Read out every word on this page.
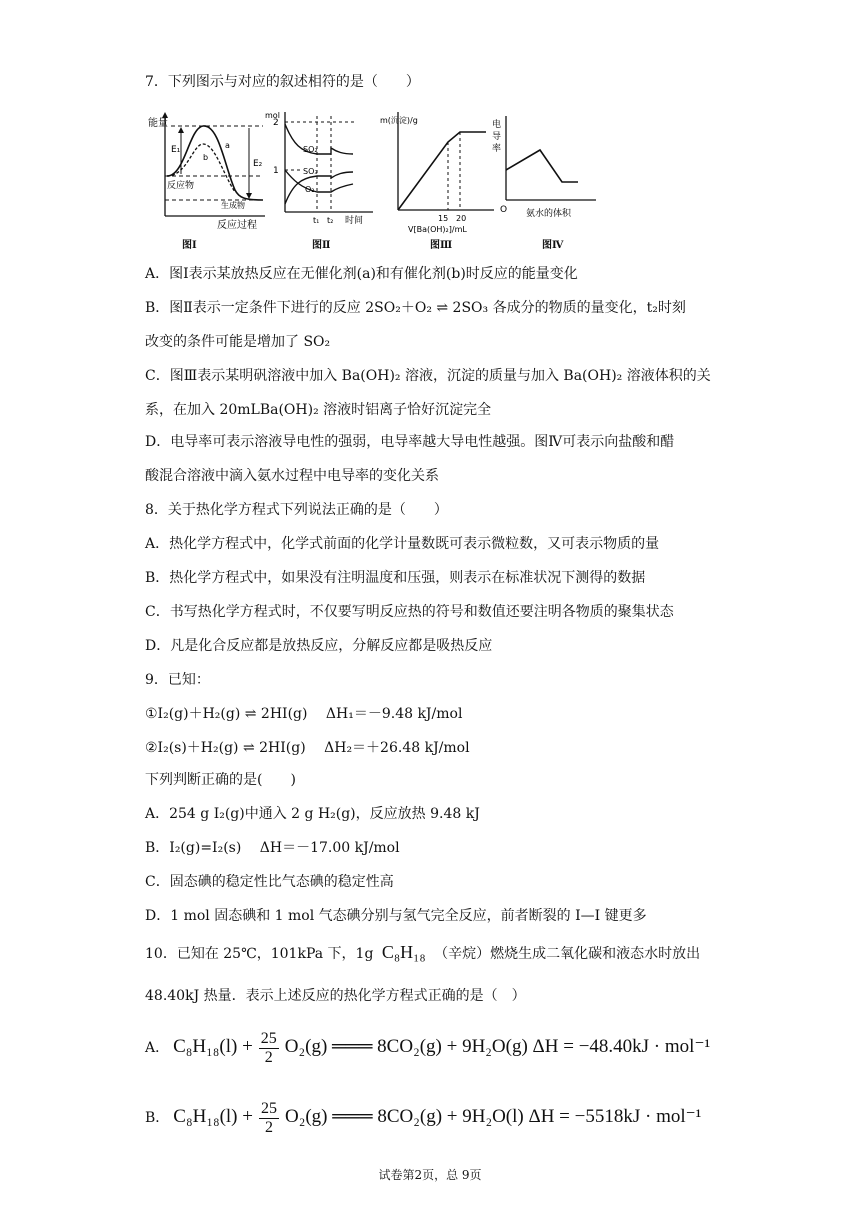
7．下列图示与对应的叙述相符的是（　　）
能量
E₁
E₂
a
b
反应物
生成物
反应过程
图Ⅰ
mol
2
1
SO₂
SO₃
O₂
t₁ t₂ 时间
图Ⅱ
m(沉淀)/g
15 20
V[Ba(OH)₂]/mL
图Ⅲ
电
导
率
电导率
O 氨水的体积
图Ⅳ
A．图Ⅰ表示某放热反应在无催化剂(a)和有催化剂(b)时反应的能量变化
B．图Ⅱ表示一定条件下进行的反应 2SO₂＋O₂ ⇌ 2SO₃ 各成分的物质的量变化，t₂时刻
改变的条件可能是增加了 SO₂
C．图Ⅲ表示某明矾溶液中加入 Ba(OH)₂ 溶液，沉淀的质量与加入 Ba(OH)₂ 溶液体积的关
系，在加入 20mLBa(OH)₂ 溶液时铝离子恰好沉淀完全
D．电导率可表示溶液导电性的强弱，电导率越大导电性越强。图Ⅳ可表示向盐酸和醋
酸混合溶液中滴入氨水过程中电导率的变化关系
8．关于热化学方程式下列说法正确的是（　　）
A．热化学方程式中，化学式前面的化学计量数既可表示微粒数，又可表示物质的量
B．热化学方程式中，如果没有注明温度和压强，则表示在标准状况下测得的数据
C．书写热化学方程式时，不仅要写明反应热的符号和数值还要注明各物质的聚集状态
D．凡是化合反应都是放热反应，分解反应都是吸热反应
9．已知：
①I₂(g)＋H₂(g) ⇌ 2HI(g)　 ΔH₁＝－9.48 kJ/mol
②I₂(s)＋H₂(g) ⇌ 2HI(g)　 ΔH₂＝＋26.48 kJ/mol
下列判断正确的是(　　)
A．254 g I₂(g)中通入 2 g H₂(g)，反应放热 9.48 kJ
B．I₂(g)=I₂(s)　 ΔH＝－17.00 kJ/mol
C．固态碘的稳定性比气态碘的稳定性高
D．1 mol 固态碘和 1 mol 气态碘分别与氢气完全反应，前者断裂的 I—I 键更多
10．已知在 25℃，101kPa 下，1g C₈H₁₈ （辛烷）燃烧生成二氧化碳和液态水时放出
48.40kJ 热量．表示上述反应的热化学方程式正确的是（　）
A． $C_8H_{18}(l) + \frac{25}{2} O_2(g)$ ═══ 8CO₂(g) + 9H₂O(g) ΔH = −48.40kJ · mol⁻¹
B． $C_8H_{18}(l) + \frac{25}{2} O_2(g)$ ═══ 8CO₂(g) + 9H₂O(l) ΔH = −5518kJ · mol⁻¹
试卷第2页，总 9页
